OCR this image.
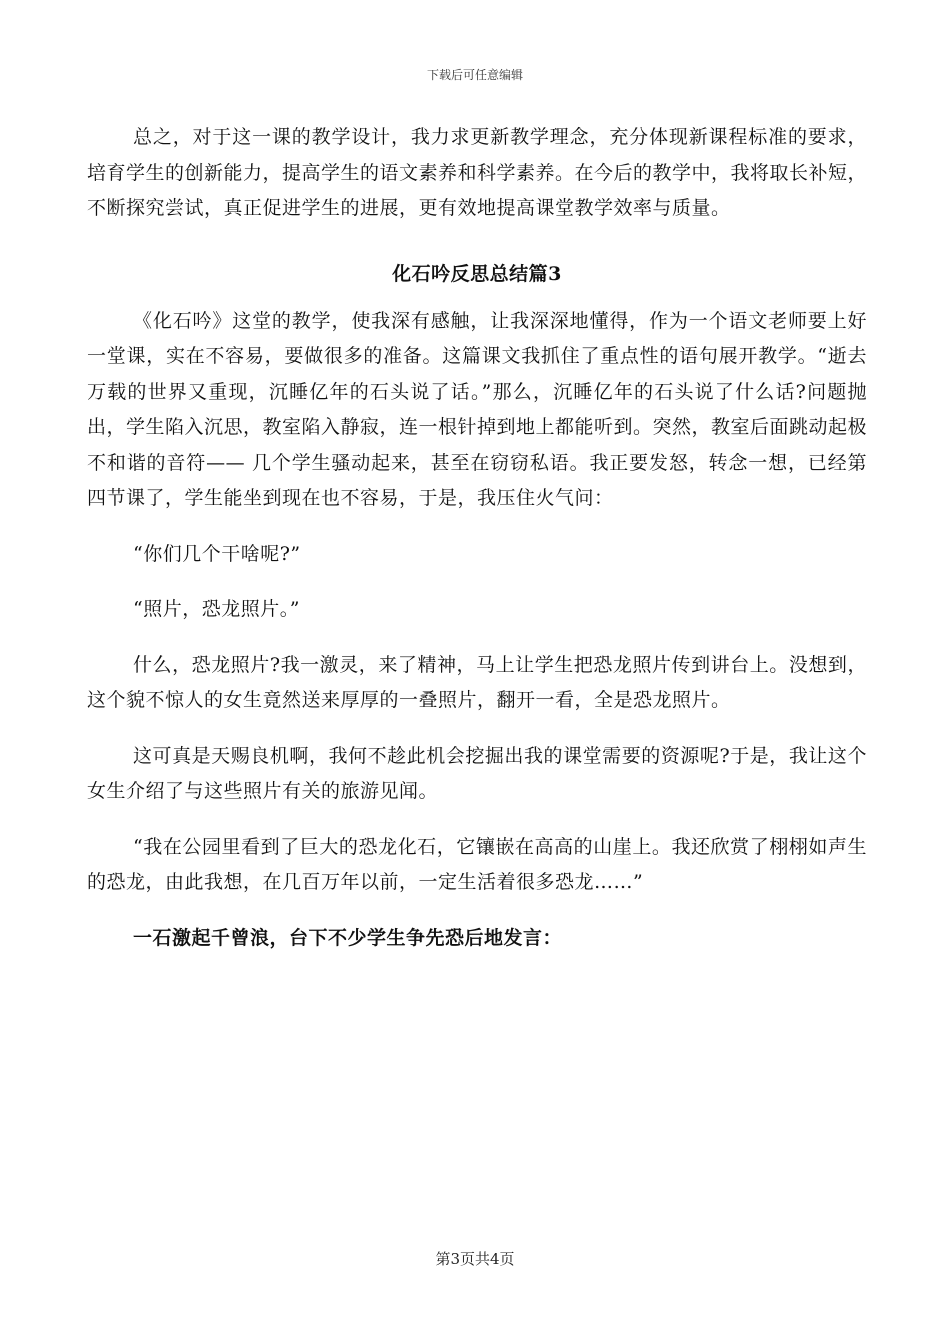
下载后可任意编辑

总之，对于这一课的教学设计，我力求更新教学理念，充分体现新课程标准的要求，培育学生的创新能力，提高学生的语文素养和科学素养。在今后的教学中，我将取长补短，不断探究尝试，真正促进学生的进展，更有效地提高课堂教学效率与质量。

化石吟反思总结篇3

《化石吟》这堂的教学，使我深有感触，让我深深地懂得，作为一个语文老师要上好一堂课，实在不容易，要做很多的准备。这篇课文我抓住了重点性的语句展开教学。“逝去万载的世界又重现，沉睡亿年的石头说了话。”那么，沉睡亿年的石头说了什么话?问题抛出，学生陷入沉思，教室陷入静寂，连一根针掉到地上都能听到。突然，教室后面跳动起极不和谐的音符—— 几个学生骚动起来，甚至在窃窃私语。我正要发怒，转念一想，已经第四节课了，学生能坐到现在也不容易，于是，我压住火气问：

“你们几个干啥呢?”

“照片，恐龙照片。”

什么，恐龙照片?我一激灵，来了精神，马上让学生把恐龙照片传到讲台上。没想到，这个貌不惊人的女生竟然送来厚厚的一叠照片，翻开一看，全是恐龙照片。

这可真是天赐良机啊，我何不趁此机会挖掘出我的课堂需要的资源呢?于是，我让这个女生介绍了与这些照片有关的旅游见闻。

“我在公园里看到了巨大的恐龙化石，它镶嵌在高高的山崖上。我还欣赏了栩栩如声生的恐龙，由此我想，在几百万年以前，一定生活着很多恐龙……”

一石激起千曾浪，台下不少学生争先恐后地发言：

第3页共4页
